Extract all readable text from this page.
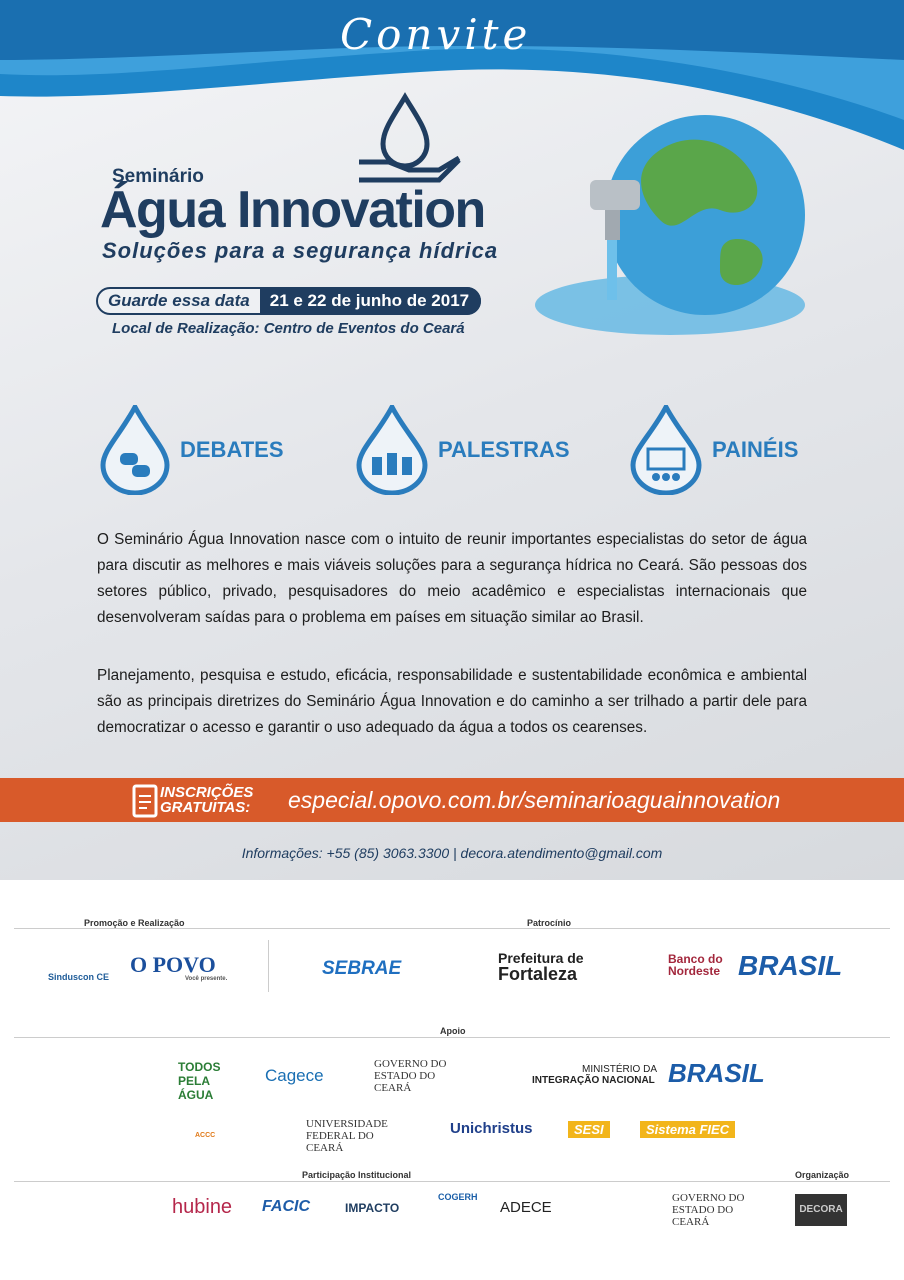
Convite
Seminário
Água Innovation
Soluções para a segurança hídrica
Guarde essa data	21 e 22 de junho de 2017
Local de Realização: Centro de Eventos do Ceará
DEBATES	PALESTRAS	PAINÉIS

O Seminário Água Innovation nasce com o intuito de reunir importantes especialistas do setor de água para discutir as melhores e mais viáveis soluções para a segurança hídrica no Ceará. São pessoas dos setores público, privado, pesquisadores do meio acadêmico e especialistas internacionais que desenvolveram saídas para o problema em países em situação similar ao Brasil.

Planejamento, pesquisa e estudo, eficácia, responsabilidade e sustentabilidade econômica e ambiental são as principais diretrizes do Seminário Água Innovation e do caminho a ser trilhado a partir dele para democratizar o acesso e garantir o uso adequado da água a todos os cearenses.

INSCRIÇÕES GRATUITAS:	especial.opovo.com.br/seminarioaguainnovation
Informações: +55 (85) 3063.3300 | decora.atendimento@gmail.com
Promoção e Realização	Patrocínio
Sinduscon CE O POVO
Você presente.	SEBRAE	Prefeitura de
Fortaleza
Banco do Nordeste BRASIL
Apoio
TODOS PELA ÁGUA
Cagece
GOVERNO DO ESTADO DO CEARÁ
MINISTÉRIO DA
INTEGRAÇÃO NACIONAL BRASIL
ACCC
UNIVERSIDADE FEDERAL DO CEARÁ
Unichristus	SESI	Sistema FIEC
Participação Institucional	Organização
hubine FACIC	IMPACTO
COGERH
ADECE
GOVERNO DO ESTADO DO CEARÁ
DECORA
